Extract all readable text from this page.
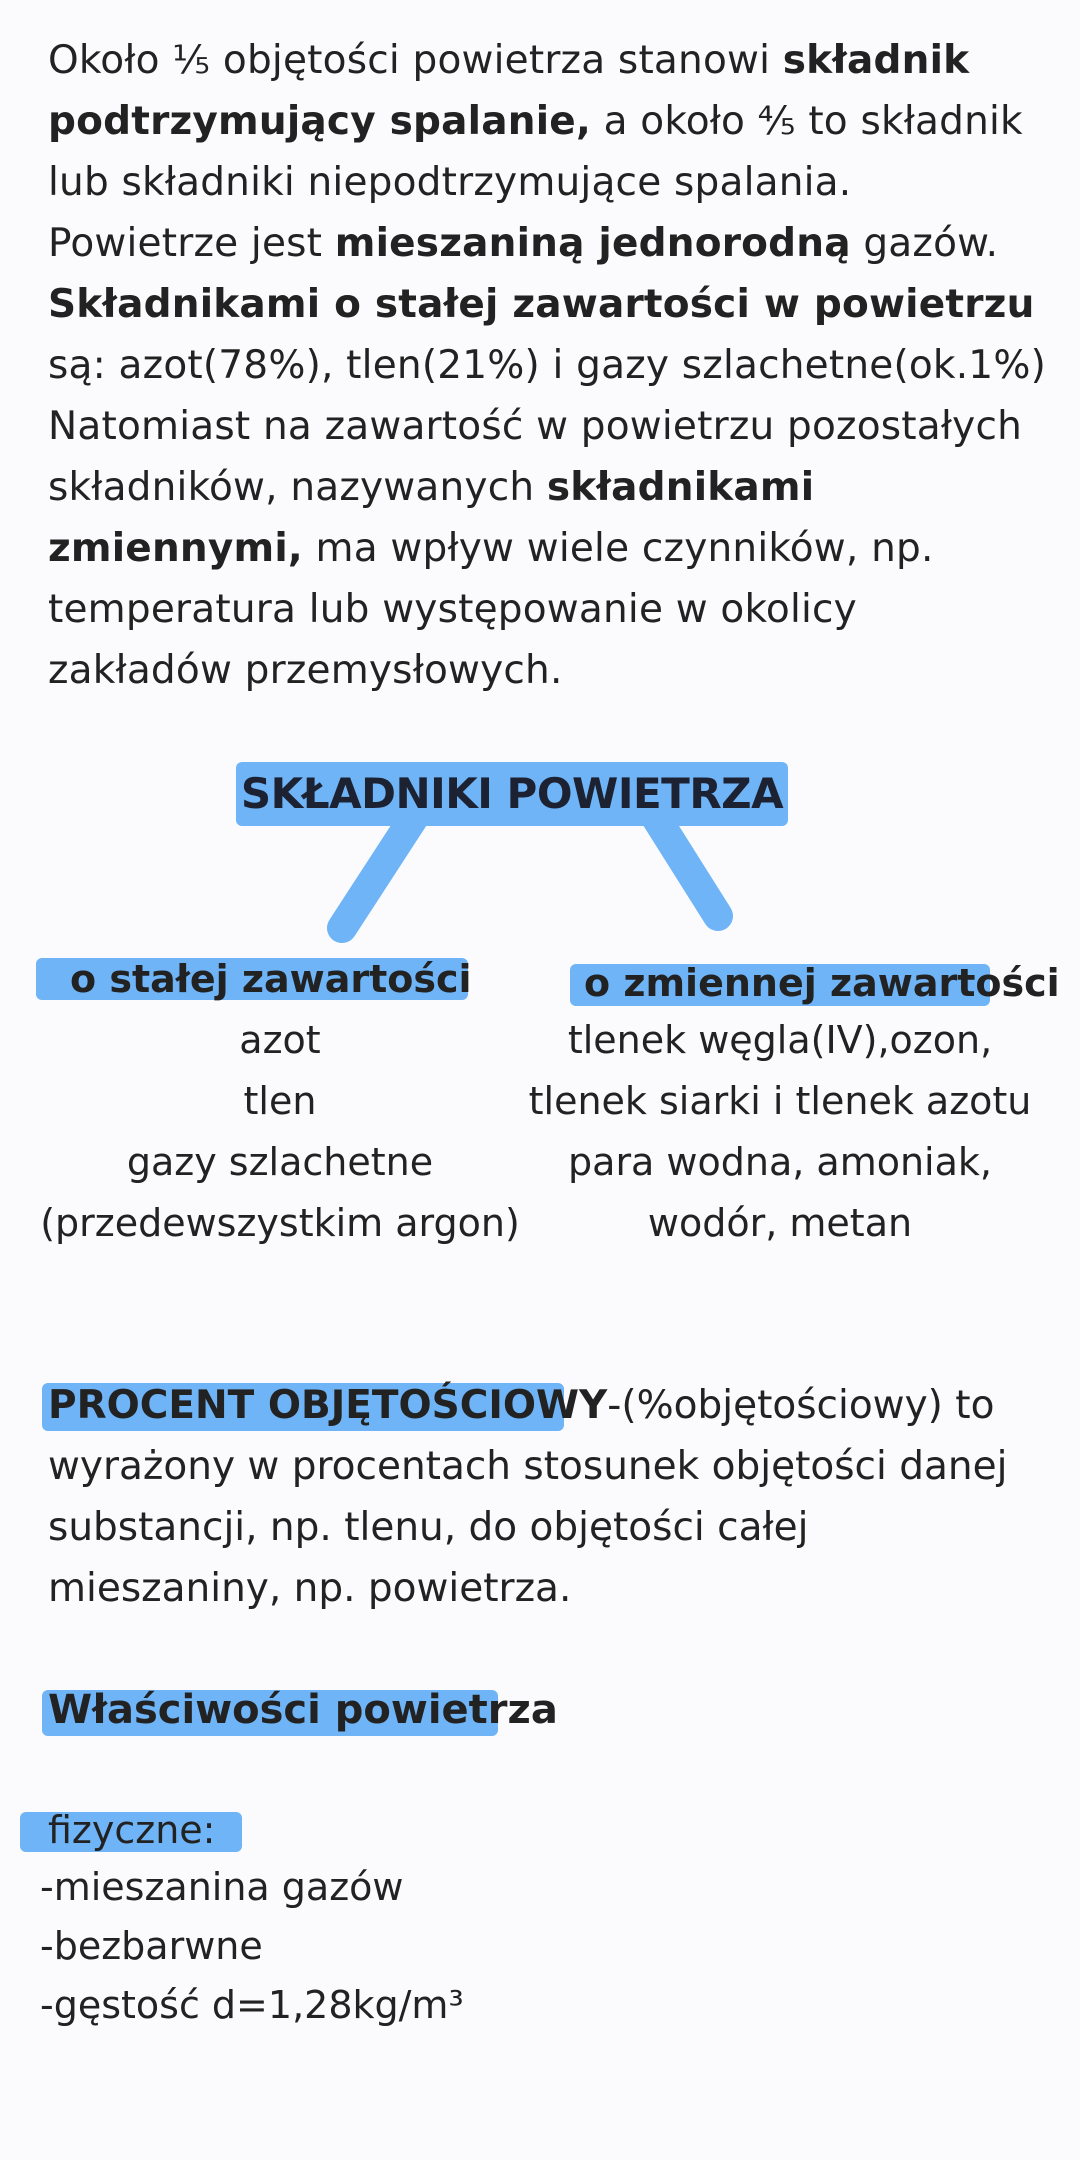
Około ⅕ objętości powietrza stanowi składnik podtrzymujący spalanie, a około ⅘ to składnik lub składniki niepodtrzymujące spalania.

Powietrze jest mieszaniną jednorodną gazów.

Składnikami o stałej zawartości w powietrzu są: azot(78%), tlen(21%) i gazy szlachetne(ok.1%)

Natomiast na zawartość w powietrzu pozostałych składników, nazywanych składnikami zmiennymi, ma wpływ wiele czynników, np. temperatura lub występowanie w okolicy zakładów przemysłowych.

SKŁADNIKI POWIETRZA
o stałej zawartości	o zmiennej zawartości
azot
tlen
gazy szlachetne
(przedewszystkim argon)
tlenek węgla(IV),ozon,
tlenek siarki i tlenek azotu
para wodna, amoniak,
wodór, metan

PROCENT OBJĘTOŚCIOWY-(%objętościowy) to wyrażony w procentach stosunek objętości danej substancji, np. tlenu, do objętości całej mieszaniny, np. powietrza.

Właściwości powietrza
fizyczne:
-mieszanina gazów
-bezbarwne
-gęstość d=1,28kg/m³
